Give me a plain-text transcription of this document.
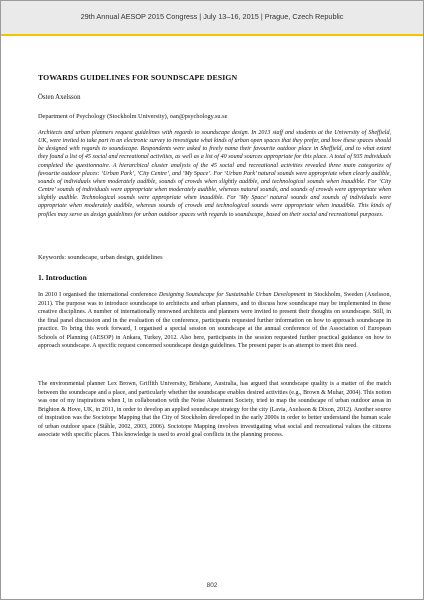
29th Annual AESOP 2015 Congress | July 13–16, 2015 | Prague, Czech Republic
TOWARDS GUIDELINES FOR SOUNDSCAPE DESIGN
Östen Axelsson
Department of Psychology (Stockholm University), oan@psychology.su.se

Architects and urban planners request guidelines with regards to soundscape design. In 2013 staff and students at the University of Sheffield, UK, were invited to take part in an electronic survey to investigate what kinds of urban open spaces that they prefer, and how these spaces should be designed with regards to soundscape. Respondents were asked to freely name their favourite outdoor place in Sheffield, and to what extent they found a list of 45 social and recreational activities, as well as a list of 40 sound sources appropriate for this place. A total of 935 individuals completed the questionnaire. A hierarchical cluster analysis of the 45 social and recreational activities revealed three main categories of favourite outdoor places: ‘Urban Park’, ‘City Centre’, and ‘My Space’. For ‘Urban Park’ natural sounds were appropriate when clearly audible, sounds of individuals when moderately audible, sounds of crowds when slightly audible, and technological sounds when inaudible. For ‘City Centre’ sounds of individuals were appropriate when moderately audible, whereas natural sounds, and sounds of crowds were appropriate when slightly audible. Technological sounds were appropriate when inaudible. For ‘My Space’ natural sounds and sounds of individuals were appropriate when moderately audible, whereas sounds of crowds and technological sounds were appropriate when inaudible. This kinds of profiles may serve as design guidelines for urban outdoor spaces with regards to soundscape, based on their social and recreational purposes.

Keywords: soundscape, urban design, guidelines
1. Introduction

In 2010 I organised the international conference Designing Soundscape for Sustainable Urban Development in Stockholm, Sweden (Axelsson, 2011). The purpose was to introduce soundscape to architects and urban planners, and to discuss how soundscape may be implemented in these creative disciplines. A number of internationally renowned architects and planners were invited to present their thoughts on soundscape. Still, in the final panel discussion and in the evaluation of the conference, participants requested further information on how to approach soundscape in practice. To bring this work forward, I organised a special session on soundscape at the annual conference of the Association of European Schools of Planning (AESOP) in Ankara, Turkey, 2012. Also here, participants in the session requested further practical guidance on how to approach soundscape. A specific request concerned soundscape design guidelines. The present paper is an attempt to meet this need.

The environmental planner Lex Brown, Griffith University, Brisbane, Australia, has argued that soundscape quality is a matter of the match between the soundscape and a place, and particularly whether the soundscape enables desired activities (e.g., Brown & Muhar, 2004). This notion was one of my inspirations when I, in collaboration with the Noise Abatement Society, tried to map the soundscape of urban outdoor areas in Brighton & Hove, UK, in 2011, in order to develop an applied soundscape strategy for the city (Lavia, Axelsson & Dixon, 2012). Another source of inspiration was the Sociotope Mapping that the City of Stockholm developed in the early 2000s in order to better understand the human scale of urban outdoor space (Ståhle, 2002, 2003, 2006). Sociotope Mapping involves investigating what social and recreational values the citizens associate with specific places. This knowledge is used to avoid goal conflicts in the planning process.

802
